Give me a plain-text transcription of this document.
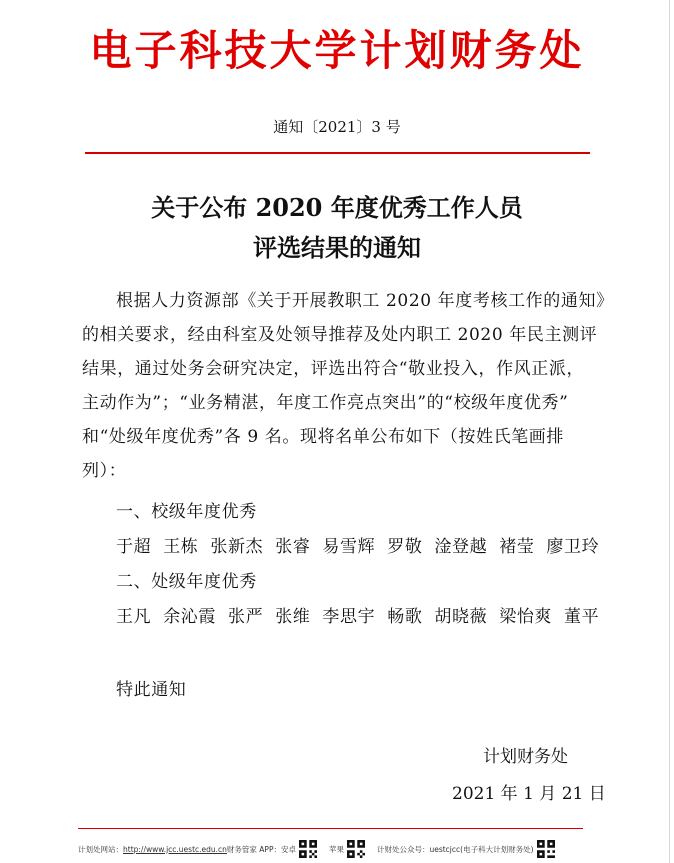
电子科技大学计划财务处
通知〔2021〕3 号
关于公布 2020 年度优秀工作人员
评选结果的通知
根据人力资源部《关于开展教职工 2020 年度考核工作的通知》
的相关要求，经由科室及处领导推荐及处内职工 2020 年民主测评
结果，通过处务会研究决定，评选出符合“敬业投入，作风正派，
主动作为”；“业务精湛，年度工作亮点突出”的“校级年度优秀”
和“处级年度优秀”各 9 名。现将名单公布如下（按姓氏笔画排
列）：
一、校级年度优秀
于超 王栋 张新杰 张睿 易雪辉 罗敬 淦登越 褚莹 廖卫玲
二、处级年度优秀
王凡 余沁霞 张严 张维 李思宇 畅歌 胡晓薇 梁怡爽 董平
特此通知
计划财务处
2021 年 1 月 21 日
计划处网站： http://www.jcc.uestc.edu.cn 财务管家 APP：安卓	苹果	计财处公众号：uestcjcc(电子科大计划财务处)
